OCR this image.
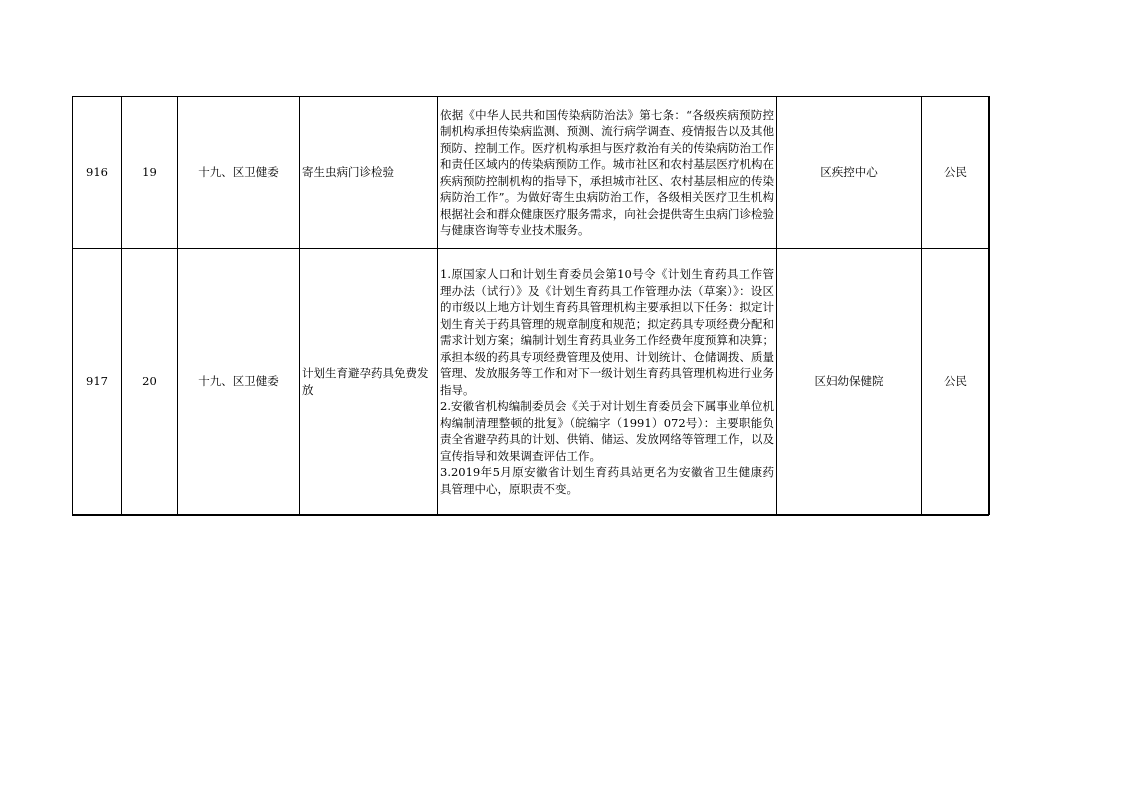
916	19	十九、区卫健委	寄生虫病门诊检验	依据《中华人民共和国传染病防治法》第七条：“各级疾病预防控制机构承担传染病监测、预测、流行病学调查、疫情报告以及其他预防、控制工作。医疗机构承担与医疗救治有关的传染病防治工作和责任区域内的传染病预防工作。城市社区和农村基层医疗机构在疾病预防控制机构的指导下，承担城市社区、农村基层相应的传染病防治工作”。为做好寄生虫病防治工作，各级相关医疗卫生机构根据社会和群众健康医疗服务需求，向社会提供寄生虫病门诊检验与健康咨询等专业技术服务。	区疾控中心	公民
917	20	十九、区卫健委	计划生育避孕药具免费发放	1.原国家人口和计划生育委员会第10号令《计划生育药具工作管理办法（试行）》及《计划生育药具工作管理办法（草案）》：设区的市级以上地方计划生育药具管理机构主要承担以下任务：拟定计划生育关于药具管理的规章制度和规范；拟定药具专项经费分配和需求计划方案；编制计划生育药具业务工作经费年度预算和决算；承担本级的药具专项经费管理及使用、计划统计、仓储调拨、质量管理、发放服务等工作和对下一级计划生育药具管理机构进行业务指导。
2.安徽省机构编制委员会《关于对计划生育委员会下属事业单位机构编制清理整顿的批复》（皖编字（1991）072号）：主要职能负责全省避孕药具的计划、供销、储运、发放网络等管理工作，以及宣传指导和效果调查评估工作。
3.2019年5月原安徽省计划生育药具站更名为安徽省卫生健康药具管理中心，原职责不变。	区妇幼保健院	公民
